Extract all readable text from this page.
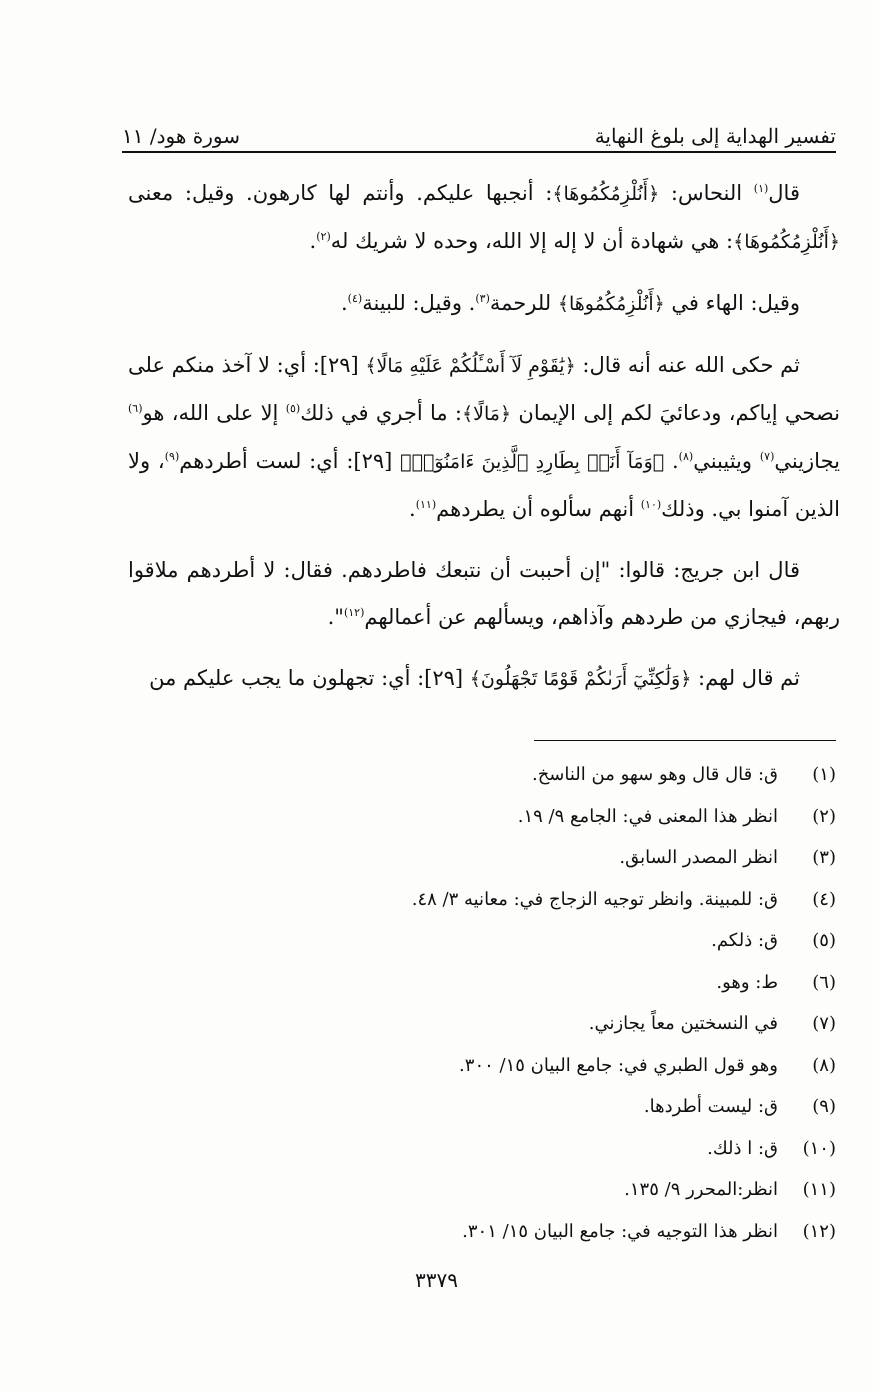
تفسير الهداية إلى بلوغ النهاية
سورة هود/ ١١

قال$^{(١)}$ النحاس: ﴿أَنُلْزِمُكُمُوهَا﴾: أنجبها عليكم. وأنتم لها كارهون. وقيل: معنى ﴿أَنُلْزِمُكُمُوهَا﴾: هي شهادة أن لا إله إلا الله، وحده لا شريك له$^{(٢)}$.

وقيل: الهاء في ﴿أَنُلْزِمُكُمُوهَا﴾ للرحمة$^{(٣)}$. وقيل: للبينة$^{(٤)}$.

ثم حكى الله عنه أنه قال: ﴿يَٰقَوْمِ لَآ أَسْـَٔلُكُمْ عَلَيْهِ مَالًا﴾ [٢٩]: أي: لا آخذ منكم على نصحي إياكم، ودعائيَ لكم إلى الإيمان ﴿مَالًا﴾: ما أجري في ذلك$^{(٥)}$ إلا على الله، هو$^{(٦)}$ يجازيني$^{(٧)}$ ويثيبني$^{(٨)}$. ﴿وَمَآ أَنَا۠ بِطَارِدِ ٱلَّذِينَ ءَامَنُوٓا۟﴾ [٢٩]: أي: لست أطردهم$^{(٩)}$، ولا الذين آمنوا بي. وذلك$^{(١٠)}$ أنهم سألوه أن يطردهم$^{(١١)}$.

قال ابن جريج: قالوا: "إن أحببت أن نتبعك فاطردهم. فقال: لا أطردهم ملاقوا ربهم، فيجازي من طردهم وآذاهم، ويسألهم عن أعمالهم$^{(١٢)}$".

ثم قال لهم: ﴿وَلَٰكِنِّيٓ أَرَىٰكُمْ قَوْمًا تَجْهَلُونَ﴾ [٢٩]: أي: تجهلون ما يجب عليكم من

(١)
ق: قال قال وهو سهو من الناسخ.
(٢)
انظر هذا المعنى في: الجامع ٩/ ١٩.
(٣)
انظر المصدر السابق.
(٤)
ق: للمبينة. وانظر توجيه الزجاج في: معانيه ٣/ ٤٨.
(٥)
ق: ذلكم.
(٦)
ط: وهو.
(٧)
في النسختين معاً يجازني.
(٨)
وهو قول الطبري في: جامع البيان ١٥/ ٣٠٠.
(٩)
ق: ليست أطردها.
(١٠)
ق: ا ذلك.
(١١)
انظر:المحرر ٩/ ١٣٥.
(١٢)
انظر هذا التوجيه في: جامع البيان ١٥/ ٣٠١.
٣٣٧٩
